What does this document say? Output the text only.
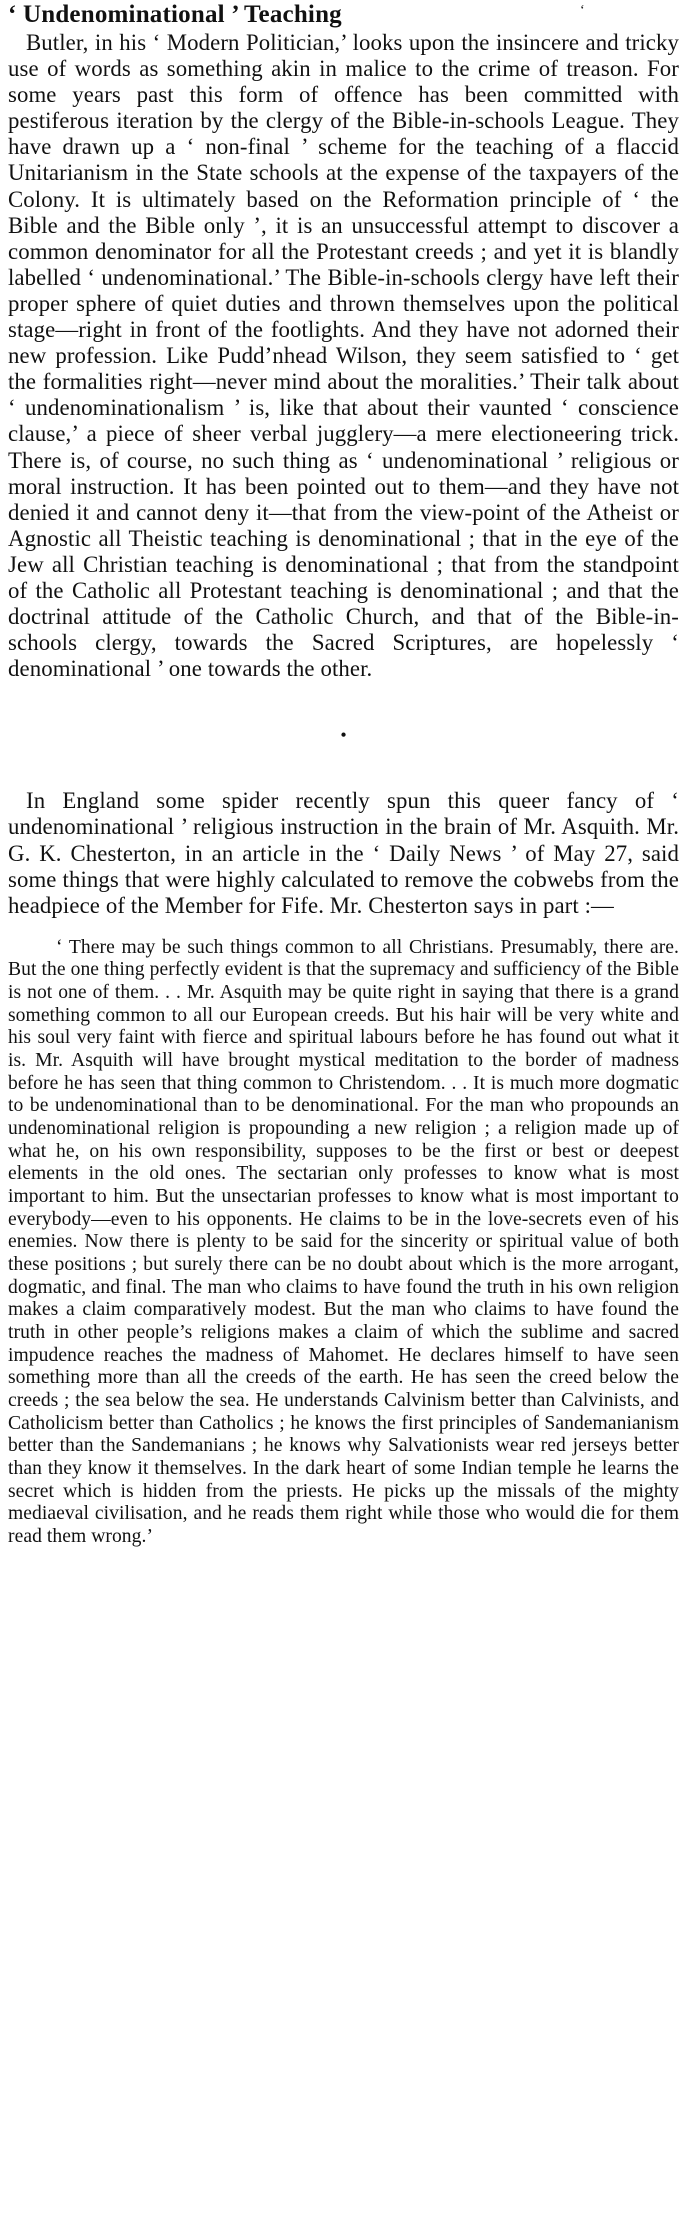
‘
‘ Undenominational ’ Teaching

Butler, in his ‘ Modern Politician,’ looks upon the insincere and tricky use of words as something akin in malice to the crime of treason. For some years past this form of offence has been committed with pestiferous iteration by the clergy of the Bible-in-schools League. They have drawn up a ‘ non-final ’ scheme for the teaching of a flaccid Unitarianism in the State schools at the expense of the taxpayers of the Colony. It is ultimately based on the Reformation principle of ‘ the Bible and the Bible only ’, it is an unsuccessful attempt to discover a common denominator for all the Protestant creeds ; and yet it is blandly labelled ‘ undenominational.’ The Bible-in-schools clergy have left their proper sphere of quiet duties and thrown themselves upon the political stage—right in front of the footlights. And they have not adorned their new profession. Like Pudd’nhead Wilson, they seem satisfied to ‘ get the formalities right—never mind about the moralities.’ Their talk about ‘ undenominationalism ’ is, like that about their vaunted ‘ conscience clause,’ a piece of sheer verbal jugglery—a mere electioneering trick. There is, of course, no such thing as ‘ undenominational ’ religious or moral instruction. It has been pointed out to them—and they have not denied it and cannot deny it—that from the view-point of the Atheist or Agnostic all Theistic teaching is denominational ; that in the eye of the Jew all Christian teaching is denominational ; that from the standpoint of the Catholic all Protestant teaching is denominational ; and that the doctrinal attitude of the Catholic Church, and that of the Bible-in-schools clergy, towards the Sacred Scriptures, are hopelessly ‘ denominational ’ one towards the other.

•

In England some spider recently spun this queer fancy of ‘ undenominational ’ religious instruction in the brain of Mr. Asquith. Mr. G. K. Chesterton, in an article in the ‘ Daily News ’ of May 27, said some things that were highly calculated to remove the cobwebs from the headpiece of the Member for Fife. Mr. Chesterton says in part :—

‘ There may be such things common to all Christians. Presumably, there are. But the one thing perfectly evident is that the supremacy and sufficiency of the Bible is not one of them. . . Mr. Asquith may be quite right in saying that there is a grand something common to all our European creeds. But his hair will be very white and his soul very faint with fierce and spiritual labours before he has found out what it is. Mr. Asquith will have brought mystical meditation to the border of madness before he has seen that thing common to Christendom. . . It is much more dogmatic to be undenominational than to be denominational. For the man who propounds an undenominational religion is propounding a new religion ; a religion made up of what he, on his own responsibility, supposes to be the first or best or deepest elements in the old ones. The sectarian only professes to know what is most important to him. But the unsectarian professes to know what is most important to everybody—even to his opponents. He claims to be in the love-secrets even of his enemies. Now there is plenty to be said for the sincerity or spiritual value of both these positions ; but surely there can be no doubt about which is the more arrogant, dogmatic, and final. The man who claims to have found the truth in his own religion makes a claim comparatively modest. But the man who claims to have found the truth in other people’s religions makes a claim of which the sublime and sacred impudence reaches the madness of Mahomet. He declares himself to have seen something more than all the creeds of the earth. He has seen the creed below the creeds ; the sea below the sea. He understands Calvinism better than Calvinists, and Catholicism better than Catholics ; he knows the first principles of Sandemanianism better than the Sandemanians ; he knows why Salvationists wear red jerseys better than they know it themselves. In the dark heart of some Indian temple he learns the secret which is hidden from the priests. He picks up the missals of the mighty mediaeval civilisation, and he reads them right while those who would die for them read them wrong.’
